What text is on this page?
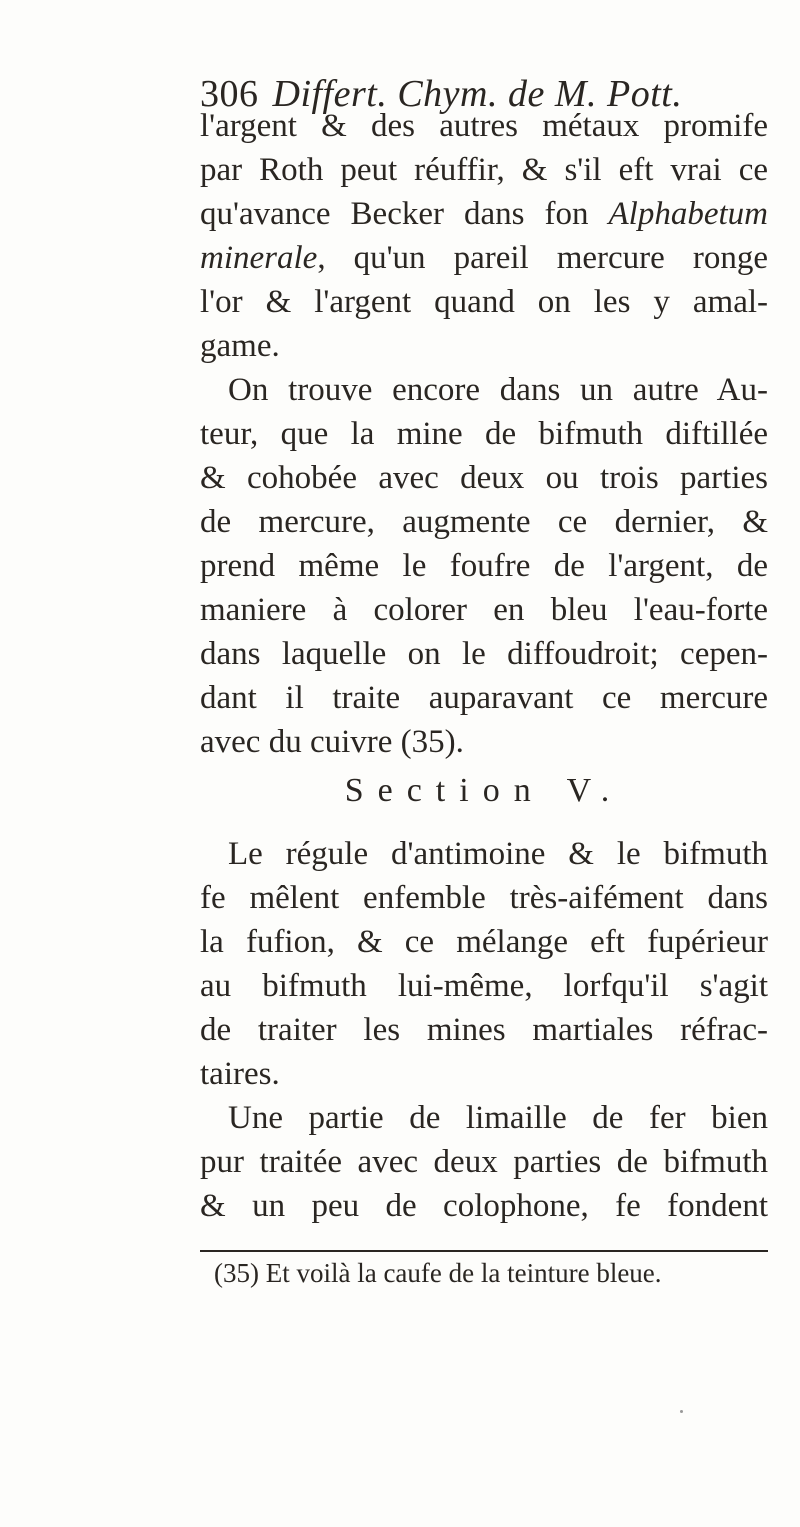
306 Differt. Chym. de M. Pott.
l'argent & des autres métaux promife
par Roth peut réuffir, & s'il eft vrai ce
qu'avance Becker dans fon Alphabetum
minerale, qu'un pareil mercure ronge
l'or & l'argent quand on les y amal-
game.
On trouve encore dans un autre Au-
teur, que la mine de bifmuth diftillée
& cohobée avec deux ou trois parties
de mercure, augmente ce dernier, &
prend même le foufre de l'argent, de
maniere à colorer en bleu l'eau-forte
dans laquelle on le diffoudroit; cepen-
dant il traite auparavant ce mercure
avec du cuivre (35).
Section V.
Le régule d'antimoine & le bifmuth
fe mêlent enfemble très-aifément dans
la fufion, & ce mélange eft fupérieur
au bifmuth lui-même, lorfqu'il s'agit
de traiter les mines martiales réfrac-
taires.
Une partie de limaille de fer bien
pur traitée avec deux parties de bifmuth
& un peu de colophone, fe fondent
(35) Et voilà la caufe de la teinture bleue.
